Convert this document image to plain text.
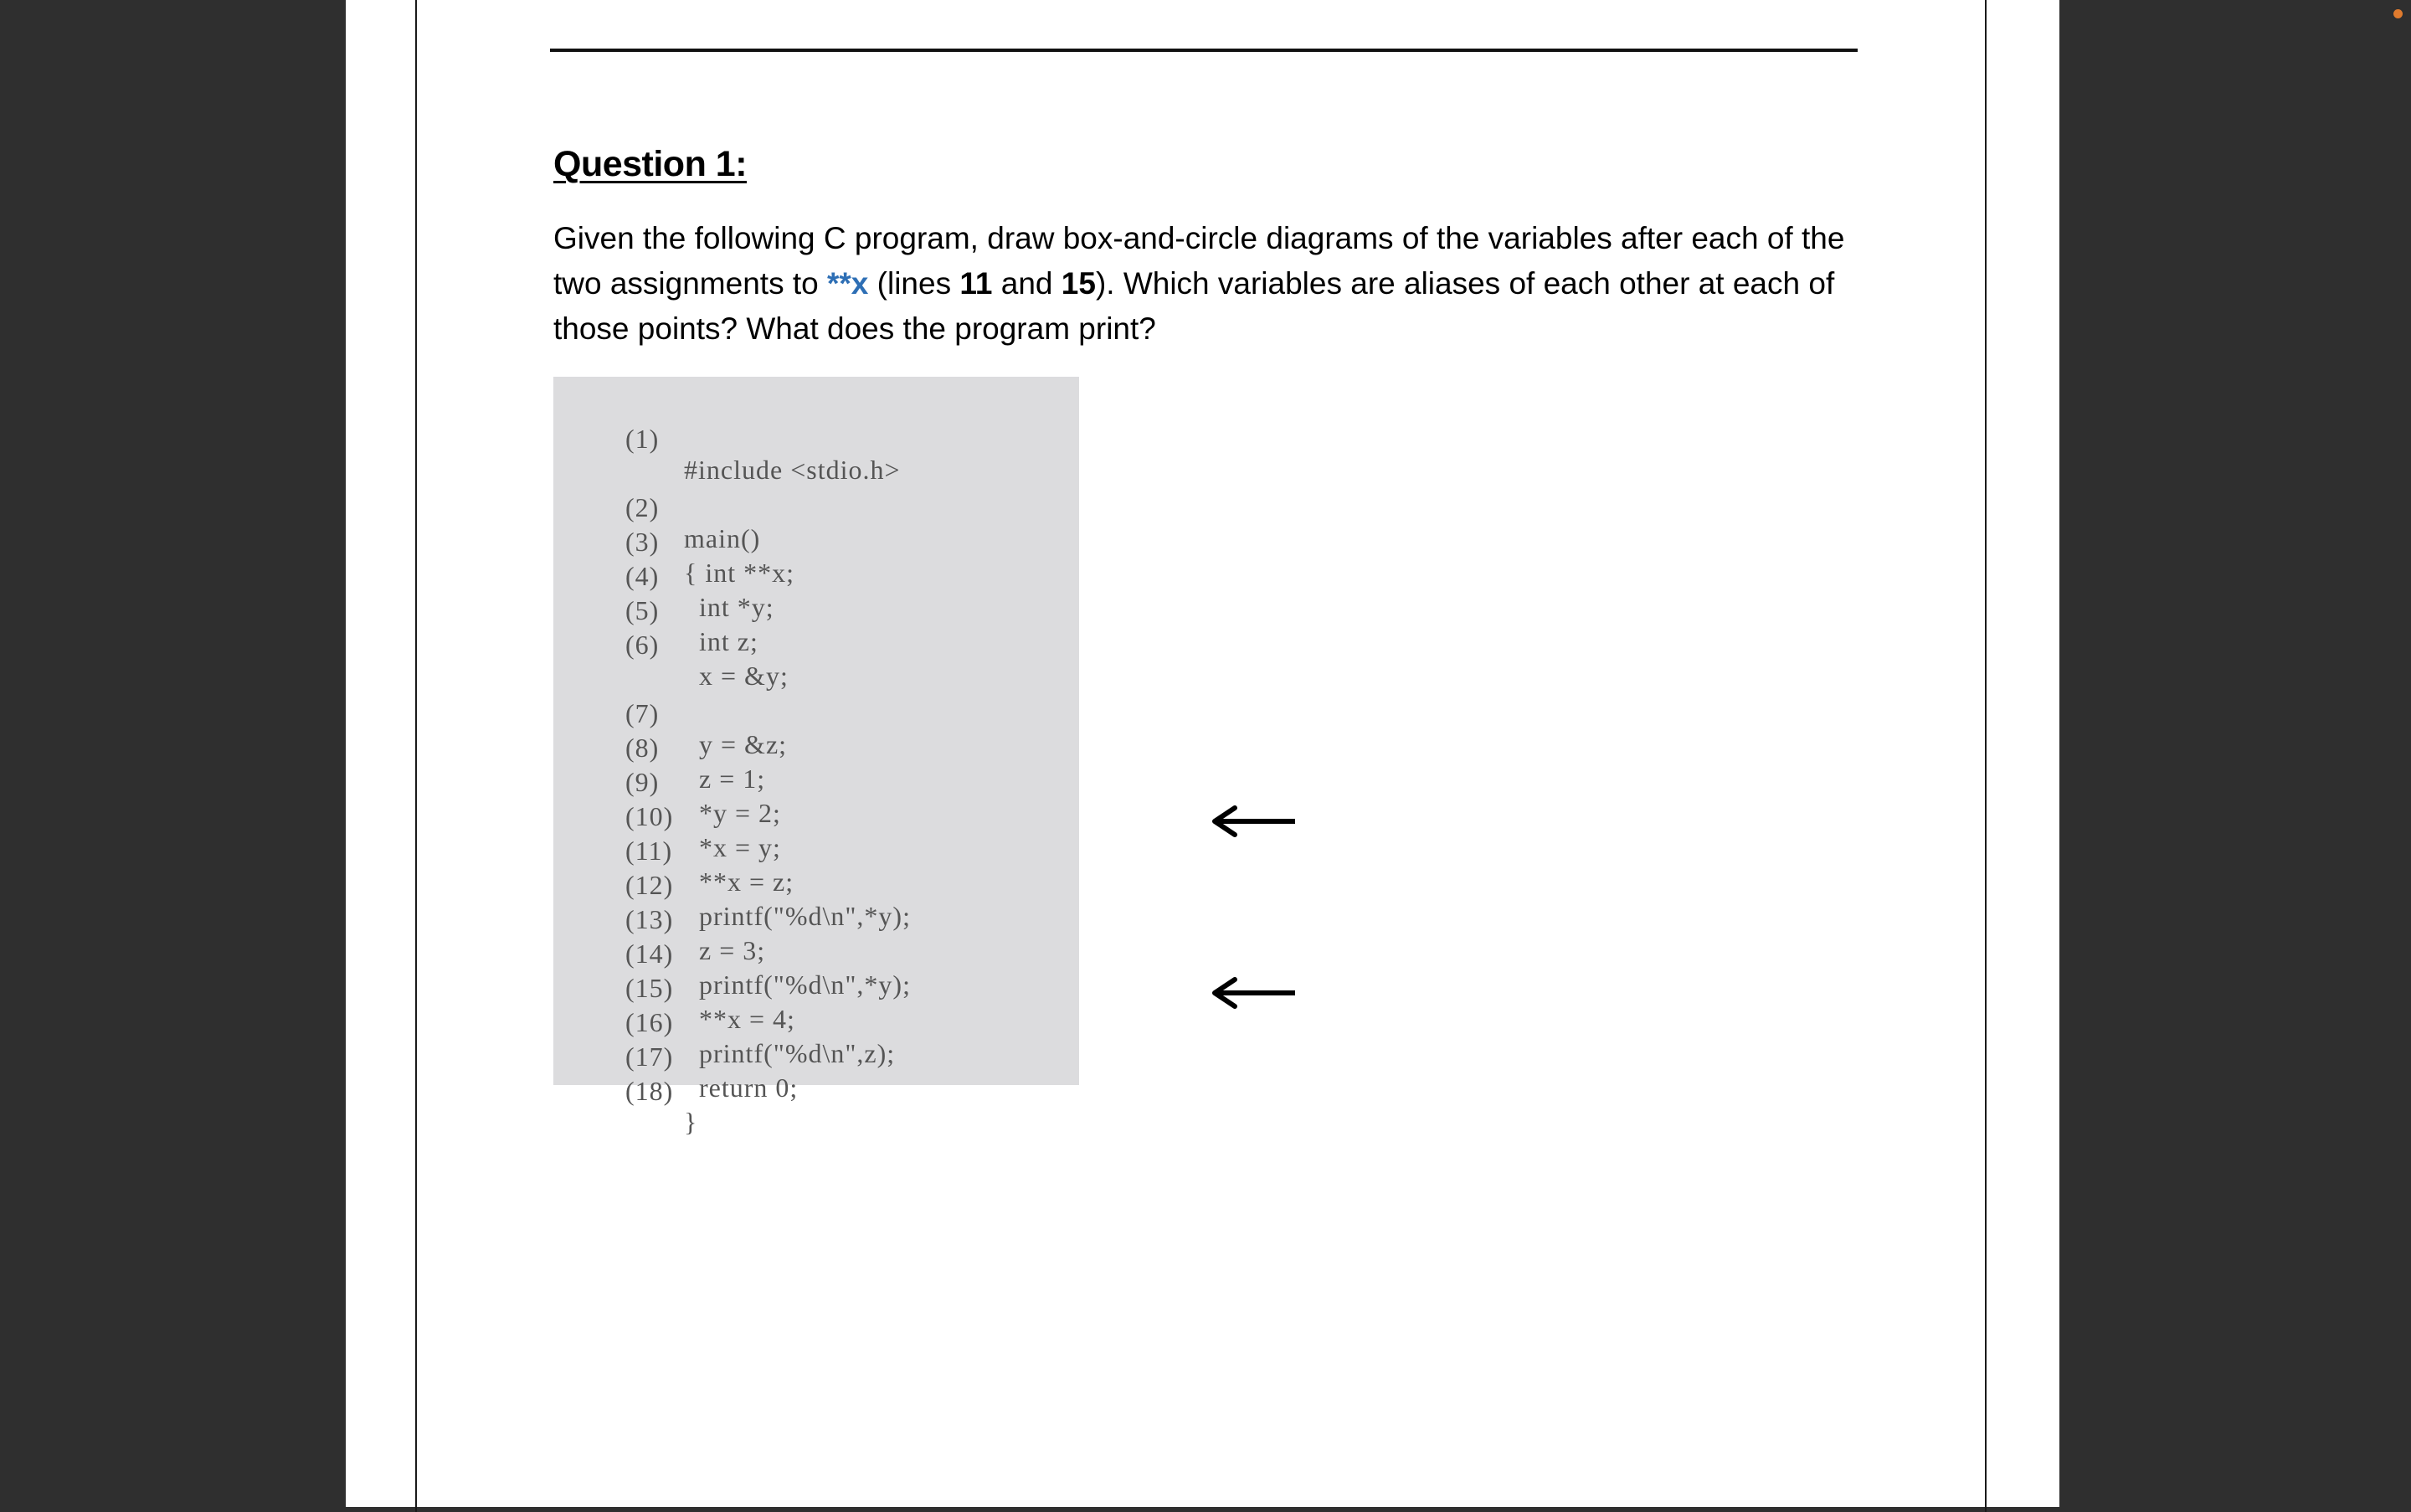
Question 1:
Given the following C program, draw box-and-circle diagrams of the variables after each of the two assignments to **x (lines 11 and 15). Which variables are aliases of each other at each of those points? What does the program print?

(1)

#include <stdio.h>

(2)

main()

(3)

{ int **x;

(4)

int *y;

(5)

int z;

(6)

x = &y;

(7)

y = &z;

(8)

z = 1;

(9)

*y = 2;

(10)

*x = y;

(11)

**x = z;

(12)

printf("%d\n",*y);

(13)

z = 3;

(14)

printf("%d\n",*y);

(15)

**x = 4;

(16)

printf("%d\n",z);

(17)

return 0;

(18)

}
